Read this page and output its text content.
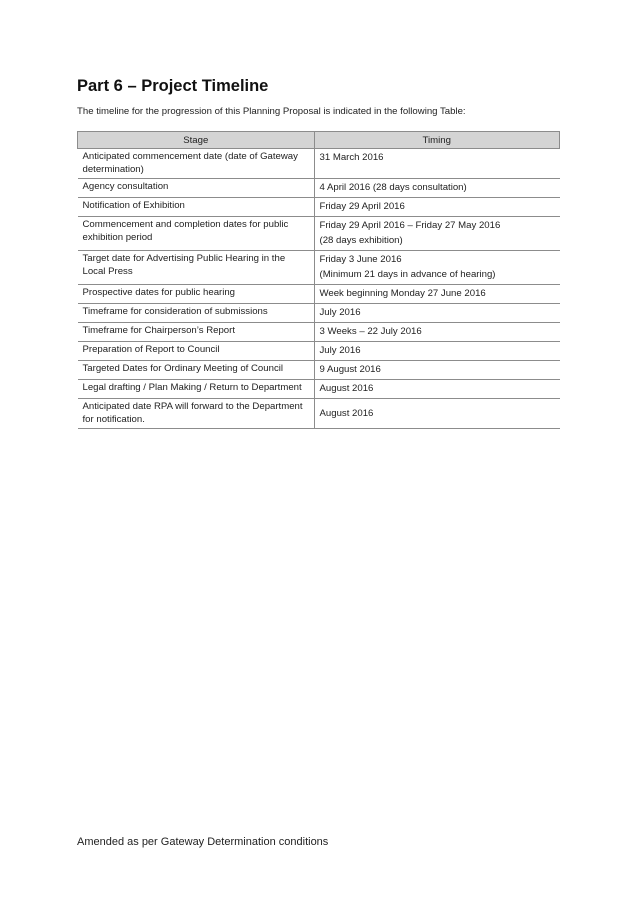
Part 6 – Project Timeline

The timeline for the progression of this Planning Proposal is indicated in the following Table:

Stage	Timing
Anticipated commencement date (date of Gateway determination)	31 March 2016
Agency consultation	4 April 2016 (28 days consultation)
Notification of Exhibition	Friday 29 April 2016
Commencement and completion dates for public exhibition period	Friday 29 April 2016 – Friday 27 May 2016
(28 days exhibition)
Target date for Advertising Public Hearing in the Local Press	Friday 3 June 2016
(Minimum 21 days in advance of hearing)
Prospective dates for public hearing	Week beginning Monday 27 June 2016
Timeframe for consideration of submissions	July 2016
Timeframe for Chairperson’s Report	3 Weeks – 22 July 2016
Preparation of Report to Council	July 2016
Targeted Dates for Ordinary Meeting of Council	9 August 2016
Legal drafting / Plan Making / Return to Department	August 2016
Anticipated date RPA will forward to the Department for notification.	August 2016

Amended as per Gateway Determination conditions
